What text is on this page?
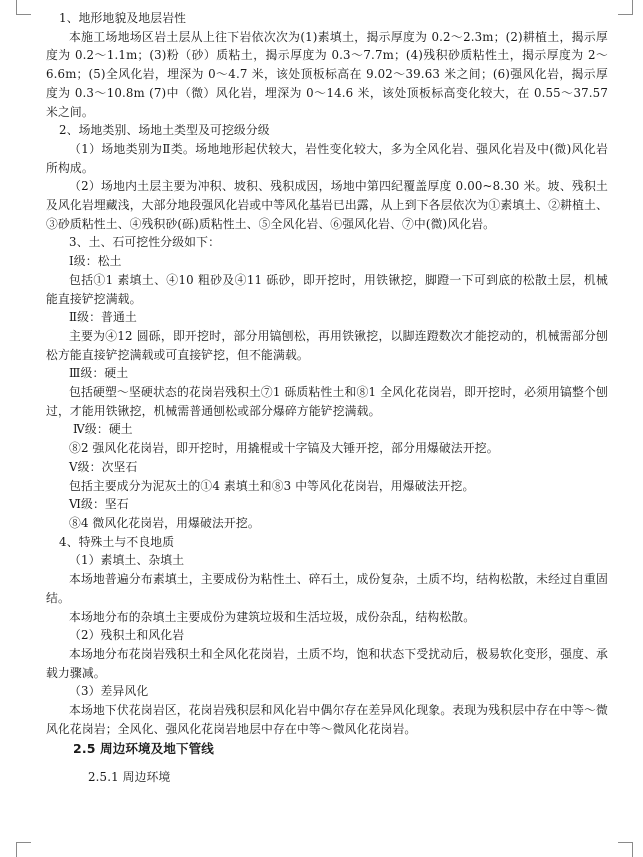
1、地形地貌及地层岩性

本施工场地场区岩土层从上往下岩依次次为(1)素填土，揭示厚度为 0.2～2.3m；(2)耕植土，揭示厚度为 0.2～1.1m；(3)粉（砂）质粘土，揭示厚度为 0.3～7.7m；(4)残积砂质粘性土，揭示厚度为 2～6.6m；(5)全风化岩，埋深为 0～4.7 米，该处顶板标高在 9.02～39.63 米之间；(6)强风化岩，揭示厚度为 0.3～10.8m (7)中（微）风化岩，埋深为 0～14.6 米，该处顶板标高变化较大，在 0.55～37.57 米之间。

2、场地类别、场地土类型及可挖级分级

（1）场地类别为Ⅱ类。场地地形起伏较大，岩性变化较大，多为全风化岩、强风化岩及中(微)风化岩所构成。

（2）场地内土层主要为冲积、坡积、残积成因，场地中第四纪覆盖厚度 0.00~8.30 米。坡、残积土及风化岩埋藏浅，大部分地段强风化岩或中等风化基岩已出露，从上到下各层依次为①素填土、②耕植土、③砂质粘性土、④残积砂(砾)质粘性土、⑤全风化岩、⑥强风化岩、⑦中(微)风化岩。

3、土、石可挖性分级如下：

Ⅰ级：松土

包括①1 素填土、④10 粗砂及④11 砾砂，即开挖时，用铁锹挖，脚蹬一下可到底的松散土层，机械能直接铲挖满载。

Ⅱ级：普通土

主要为④12 圆砾，即开挖时，部分用镐刨松，再用铁锹挖，以脚连蹬数次才能挖动的，机械需部分刨松方能直接铲挖满载或可直接铲挖，但不能满载。

Ⅲ级：硬土

包括硬塑～坚硬状态的花岗岩残积土⑦1 砾质粘性土和⑧1 全风化花岗岩，即开挖时，必须用镐整个刨过，才能用铁锹挖，机械需普通刨松或部分爆碎方能铲挖满载。

Ⅳ级：硬土

⑧2 强风化花岗岩，即开挖时，用撬棍或十字镐及大锤开挖，部分用爆破法开挖。

Ⅴ级：次坚石

包括主要成分为泥灰土的①4 素填土和⑧3 中等风化花岗岩，用爆破法开挖。

Ⅵ级：坚石

⑧4 微风化花岗岩，用爆破法开挖。

4、特殊土与不良地质

（1）素填土、杂填土

本场地普遍分布素填土，主要成份为粘性土、碎石土，成份复杂，土质不均，结构松散，未经过自重固结。

本场地分布的杂填土主要成份为建筑垃圾和生活垃圾，成份杂乱，结构松散。

（2）残积土和风化岩

本场地分布花岗岩残积土和全风化花岗岩，土质不均，饱和状态下受扰动后，极易软化变形，强度、承载力骤减。

（3）差异风化

本场地下伏花岗岩区，花岗岩残积层和风化岩中偶尔存在差异风化现象。表现为残积层中存在中等～微风化花岗岩；全风化、强风化花岗岩地层中存在中等～微风化花岗岩。

2.5 周边环境及地下管线

2.5.1 周边环境
